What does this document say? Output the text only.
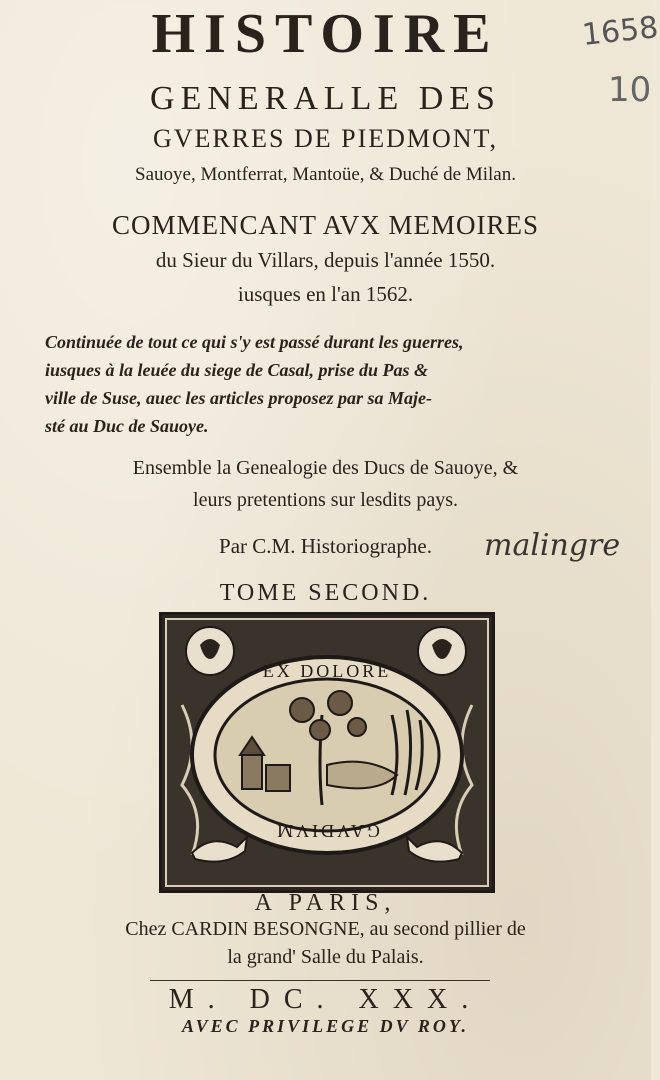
HISTOIRE
GENERALLE DES
GVERRES DE PIEDMONT,
Sauoye, Montferrat, Mantoüe, & Duché de Milan.
1658
10
COMMENCANT AVX MEMOIRES
du Sieur du Villars, depuis l'année 1550.
iusques en l'an 1562.
Continuée de tout ce qui s'y est passé durant les guerres,
iusques à la leuée du siege de Casal, prise du Pas &
ville de Suse, auec les articles proposez par sa Maje-
sté au Duc de Sauoye.
Ensemble la Genealogie des Ducs de Sauoye, &
leurs pretentions sur lesdits pays.
Par C.M. Historiographe.	malingre
TOME SECOND.
EX DOLORE
GAVDIVM
A PARIS,
Chez CARDIN BESONGNE, au second pillier de
la grand' Salle du Palais.
M. DC. XXX.
AVEC PRIVILEGE DV ROY.
